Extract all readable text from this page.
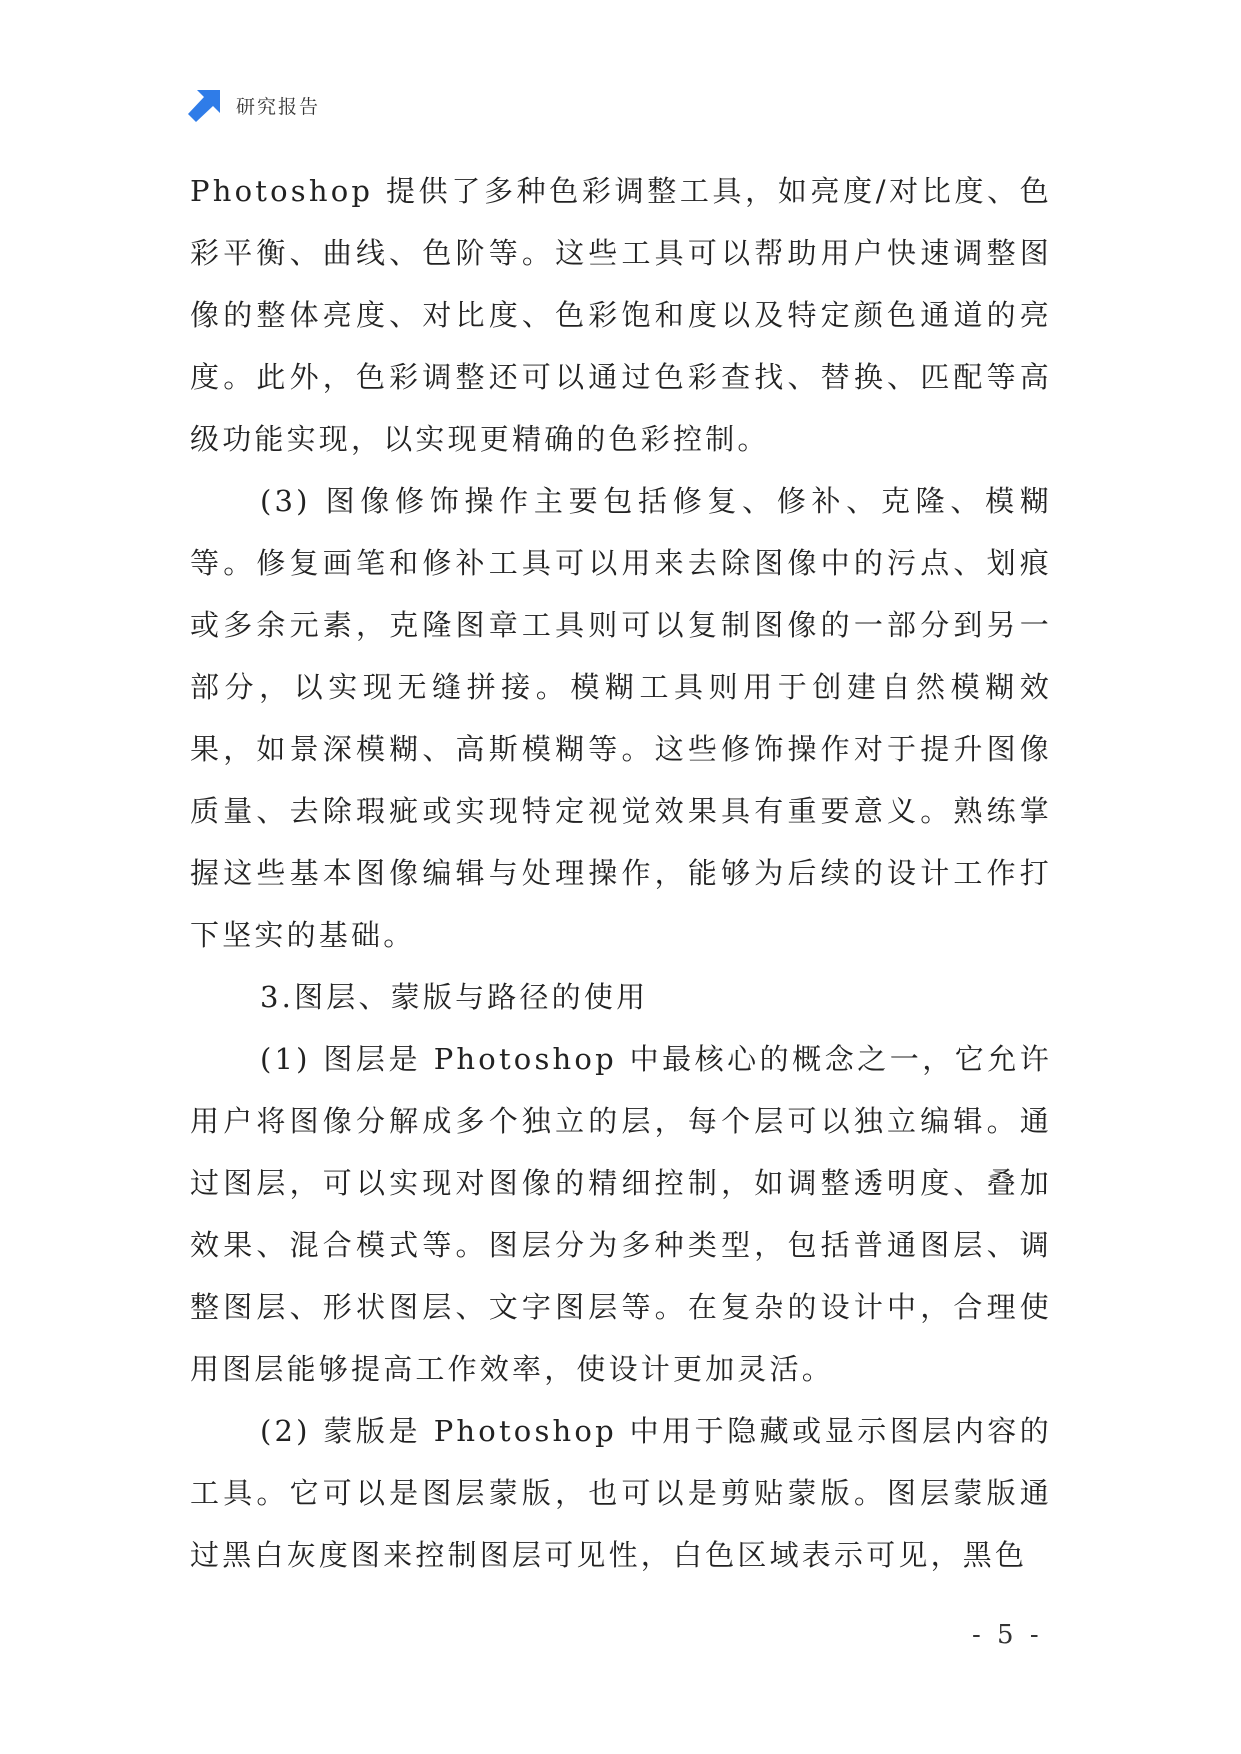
研究报告

Photoshop 提供了多种色彩调整工具，如亮度/对比度、色彩平衡、曲线、色阶等。这些工具可以帮助用户快速调整图像的整体亮度、对比度、色彩饱和度以及特定颜色通道的亮度。此外，色彩调整还可以通过色彩查找、替换、匹配等高级功能实现，以实现更精确的色彩控制。

(3) 图像修饰操作主要包括修复、修补、克隆、模糊等。修复画笔和修补工具可以用来去除图像中的污点、划痕或多余元素，克隆图章工具则可以复制图像的一部分到另一部分，以实现无缝拼接。模糊工具则用于创建自然模糊效果，如景深模糊、高斯模糊等。这些修饰操作对于提升图像质量、去除瑕疵或实现特定视觉效果具有重要意义。熟练掌握这些基本图像编辑与处理操作，能够为后续的设计工作打下坚实的基础。

3.图层、蒙版与路径的使用

(1) 图层是 Photoshop 中最核心的概念之一，它允许用户将图像分解成多个独立的层，每个层可以独立编辑。通过图层，可以实现对图像的精细控制，如调整透明度、叠加效果、混合模式等。图层分为多种类型，包括普通图层、调整图层、形状图层、文字图层等。在复杂的设计中，合理使用图层能够提高工作效率，使设计更加灵活。

(2) 蒙版是 Photoshop 中用于隐藏或显示图层内容的工具。它可以是图层蒙版，也可以是剪贴蒙版。图层蒙版通过黑白灰度图来控制图层可见性，白色区域表示可见，黑色

- 5 -
